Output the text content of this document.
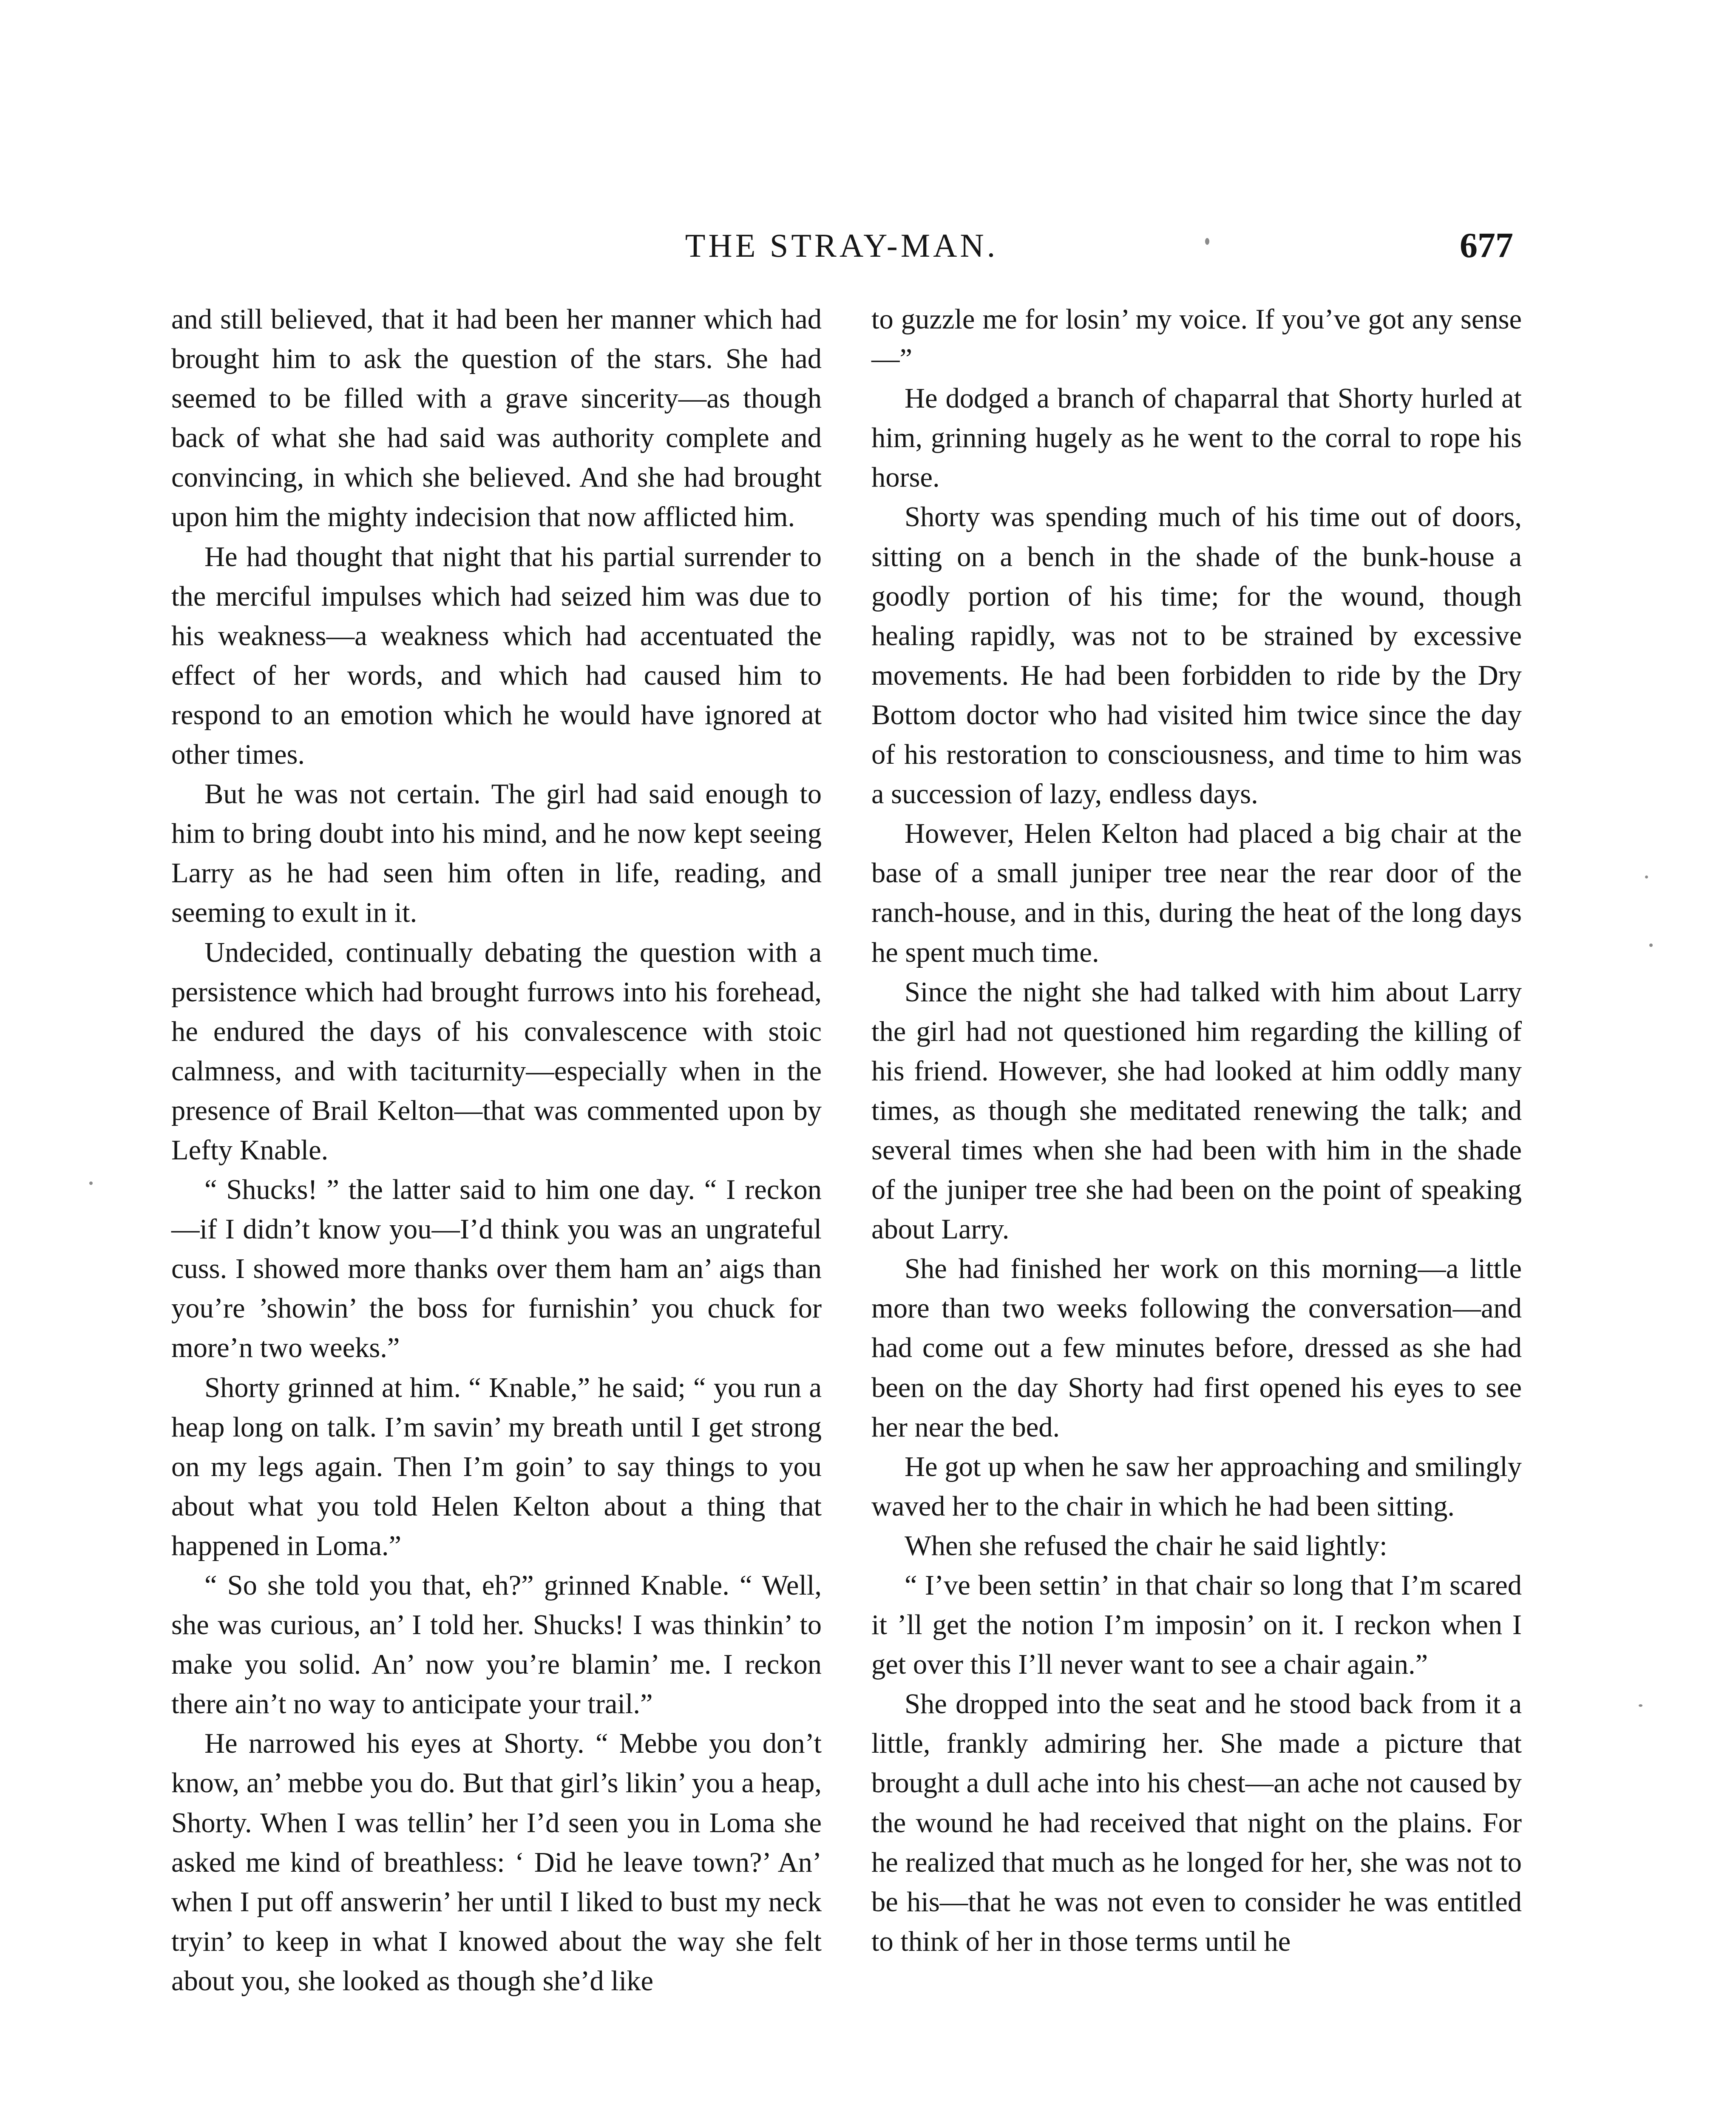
THE STRAY-MAN.	677

and still believed, that it had been her manner which had brought him to ask the question of the stars. She had seemed to be filled with a grave sincerity—as though back of what she had said was authority complete and convincing, in which she believed. And she had brought upon him the mighty indecision that now afflicted him.

He had thought that night that his partial surrender to the merciful impulses which had seized him was due to his weakness—a weakness which had accentuated the effect of her words, and which had caused him to respond to an emotion which he would have ignored at other times.

But he was not certain. The girl had said enough to him to bring doubt into his mind, and he now kept seeing Larry as he had seen him often in life, reading, and seeming to exult in it.

Undecided, continually debating the question with a persistence which had brought furrows into his forehead, he endured the days of his convalescence with stoic calmness, and with taciturnity—especially when in the presence of Brail Kelton—that was commented upon by Lefty Knable.

“ Shucks! ” the latter said to him one day. “ I reckon—if I didn’t know you—I’d think you was an ungrateful cuss. I showed more thanks over them ham an’ aigs than you’re ’showin’ the boss for furnishin’ you chuck for more’n two weeks.”

Shorty grinned at him. “ Knable,” he said; “ you run a heap long on talk. I’m savin’ my breath until I get strong on my legs again. Then I’m goin’ to say things to you about what you told Helen Kelton about a thing that happened in Loma.”

“ So she told you that, eh?” grinned Knable. “ Well, she was curious, an’ I told her. Shucks! I was thinkin’ to make you solid. An’ now you’re blamin’ me. I reckon there ain’t no way to anticipate your trail.”

He narrowed his eyes at Shorty. “ Mebbe you don’t know, an’ mebbe you do. But that girl’s likin’ you a heap, Shorty. When I was tellin’ her I’d seen you in Loma she asked me kind of breathless: ‘ Did he leave town?’ An’ when I put off answerin’ her until I liked to bust my neck tryin’ to keep in what I knowed about the way she felt about you, she looked as though she’d like

to guzzle me for losin’ my voice. If you’ve got any sense—”

He dodged a branch of chaparral that Shorty hurled at him, grinning hugely as he went to the corral to rope his horse.

Shorty was spending much of his time out of doors, sitting on a bench in the shade of the bunk-house a goodly portion of his time; for the wound, though healing rapidly, was not to be strained by excessive movements. He had been forbidden to ride by the Dry Bottom doctor who had visited him twice since the day of his restoration to consciousness, and time to him was a succession of lazy, endless days.

However, Helen Kelton had placed a big chair at the base of a small juniper tree near the rear door of the ranch-house, and in this, during the heat of the long days he spent much time.

Since the night she had talked with him about Larry the girl had not questioned him regarding the killing of his friend. However, she had looked at him oddly many times, as though she meditated renewing the talk; and several times when she had been with him in the shade of the juniper tree she had been on the point of speaking about Larry.

She had finished her work on this morning—a little more than two weeks following the conversation—and had come out a few minutes before, dressed as she had been on the day Shorty had first opened his eyes to see her near the bed.

He got up when he saw her approaching and smilingly waved her to the chair in which he had been sitting.

When she refused the chair he said lightly:

“ I’ve been settin’ in that chair so long that I’m scared it ’ll get the notion I’m imposin’ on it. I reckon when I get over this I’ll never want to see a chair again.”

She dropped into the seat and he stood back from it a little, frankly admiring her. She made a picture that brought a dull ache into his chest—an ache not caused by the wound he had received that night on the plains. For he realized that much as he longed for her, she was not to be his—that he was not even to consider he was entitled to think of her in those terms until he
